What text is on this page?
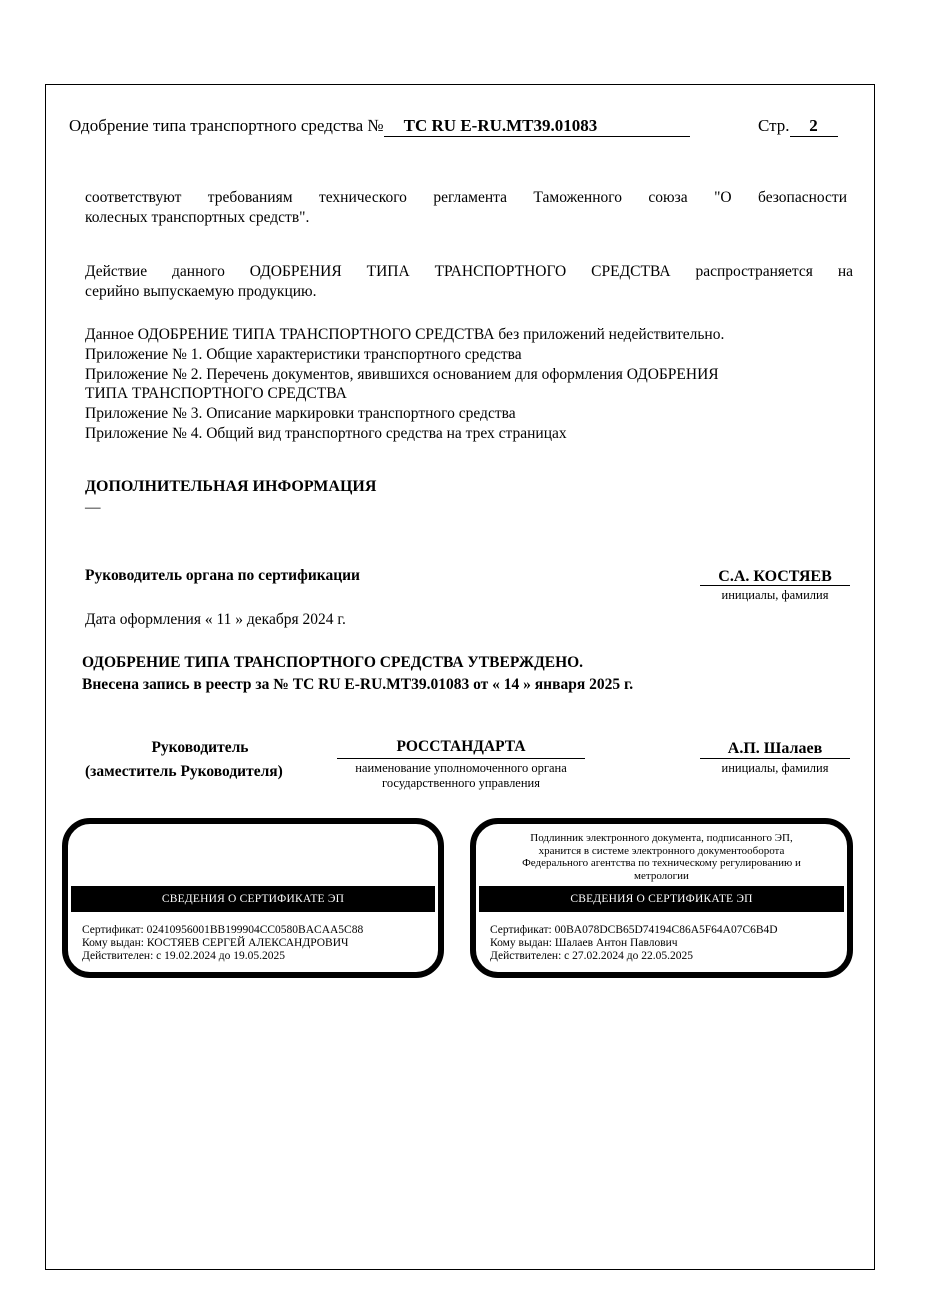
Одобрение типа транспортного средства № ТС RU E-RU.МТ39.01083	Стр. 2
соответствуют требованиям технического регламента Таможенного союза "О безопасности
колесных транспортных средств".
Действие данного ОДОБРЕНИЯ ТИПА ТРАНСПОРТНОГО СРЕДСТВА распространяется на
серийно выпускаемую продукцию.
Данное ОДОБРЕНИЕ ТИПА ТРАНСПОРТНОГО СРЕДСТВА без приложений недействительно.
Приложение № 1. Общие характеристики транспортного средства
Приложение № 2. Перечень документов, явившихся основанием для оформления ОДОБРЕНИЯ
ТИПА ТРАНСПОРТНОГО СРЕДСТВА
Приложение № 3. Описание маркировки транспортного средства
Приложение № 4. Общий вид транспортного средства на трех страницах
ДОПОЛНИТЕЛЬНАЯ ИНФОРМАЦИЯ
—
Руководитель органа по сертификации	С.А. КОСТЯЕВ
инициалы, фамилия
Дата оформления « 11 » декабря 2024 г.
ОДОБРЕНИЕ ТИПА ТРАНСПОРТНОГО СРЕДСТВА УТВЕРЖДЕНО.
Внесена запись в реестр за № ТС RU E-RU.МТ39.01083 от « 14 » января 2025 г.
Руководитель
(заместитель Руководителя)
РОССТАНДАРТА
наименование уполномоченного органа
государственного управления
А.П. Шалаев
инициалы, фамилия
СВЕДЕНИЯ О СЕРТИФИКАТЕ ЭП
Сертификат: 02410956001BB199904CC0580BACAA5C88
Кому выдан: КОСТЯЕВ СЕРГЕЙ АЛЕКСАНДРОВИЧ
Действителен: с 19.02.2024 до 19.05.2025
Подлинник электронного документа, подписанного ЭП,
хранится в системе электронного документооборота
Федерального агентства по техническому регулированию и
метрологии
СВЕДЕНИЯ О СЕРТИФИКАТЕ ЭП
Сертификат: 00BA078DCB65D74194C86A5F64A07C6B4D
Кому выдан: Шалаев Антон Павлович
Действителен: с 27.02.2024 до 22.05.2025
